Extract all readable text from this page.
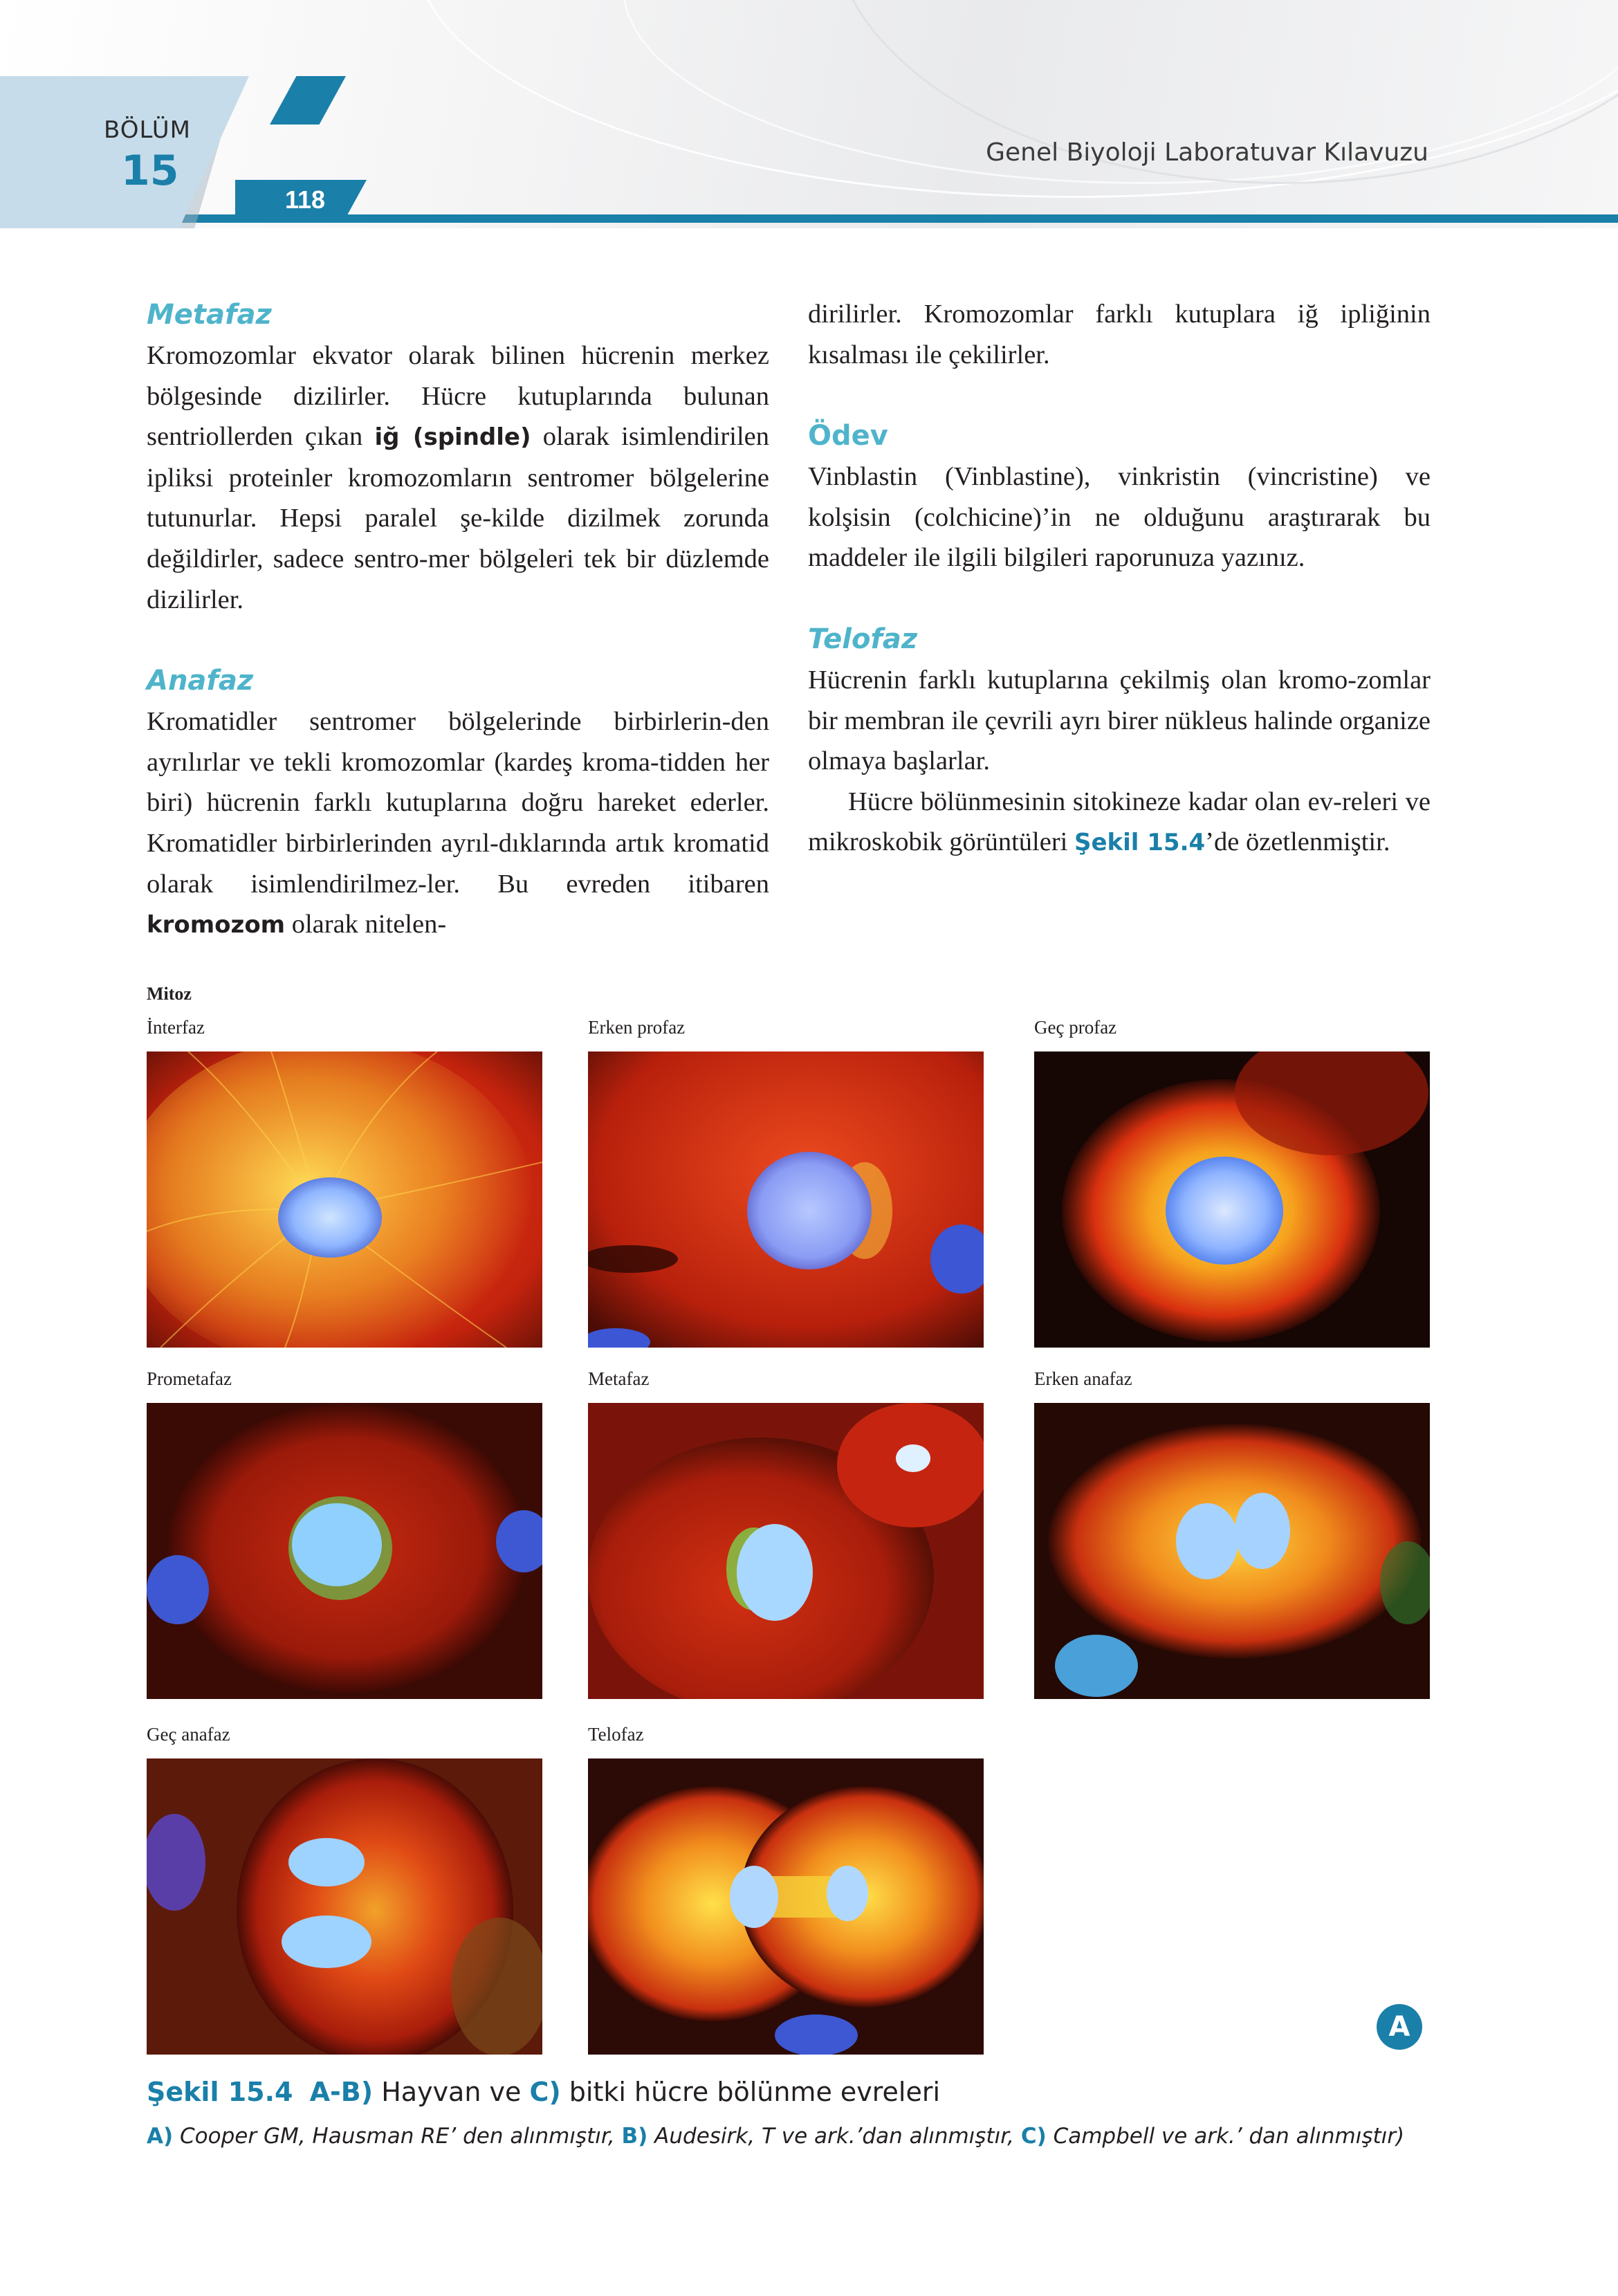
BÖLÜM
15
118
Genel Biyoloji Laboratuvar Kılavuzu
Metafaz

Kromozomlar ekvator olarak bilinen hücrenin merkez bölgesinde dizilirler. Hücre kutuplarında bulunan sentriollerden çıkan iğ (spindle) olarak isimlendirilen ipliksi proteinler kromozomların sentromer bölgelerine tutunurlar. Hepsi paralel şe-kilde dizilmek zorunda değildirler, sadece sentro-mer bölgeleri tek bir düzlemde dizilirler.

Anafaz

Kromatidler sentromer bölgelerinde birbirlerin-den ayrılırlar ve tekli kromozomlar (kardeş kroma-tidden her biri) hücrenin farklı kutuplarına doğru hareket ederler. Kromatidler birbirlerinden ayrıl-dıklarında artık kromatid olarak isimlendirilmez-ler. Bu evreden itibaren kromozom olarak nitelen-

dirilirler. Kromozomlar farklı kutuplara iğ ipliğinin kısalması ile çekilirler.

Ödev

Vinblastin (Vinblastine), vinkristin (vincristine) ve kolşisin (colchicine)’in ne olduğunu araştırarak bu maddeler ile ilgili bilgileri raporunuza yazınız.

Telofaz

Hücrenin farklı kutuplarına çekilmiş olan kromo-zomlar bir membran ile çevrili ayrı birer nükleus halinde organize olmaya başlarlar.

Hücre bölünmesinin sitokineze kadar olan ev-releri ve mikroskobik görüntüleri Şekil 15.4’de özetlenmiştir.

Mitoz
İnterfaz	Erken profaz	Geç profaz
Prometafaz	Metafaz	Erken anafaz
Geç anafaz	Telofaz
A
Şekil 15.4 A-B) Hayvan ve C) bitki hücre bölünme evreleri
A) Cooper GM, Hausman RE’ den alınmıştır, B) Audesirk, T ve ark.’dan alınmıştır, C) Campbell ve ark.’ dan alınmıştır)
